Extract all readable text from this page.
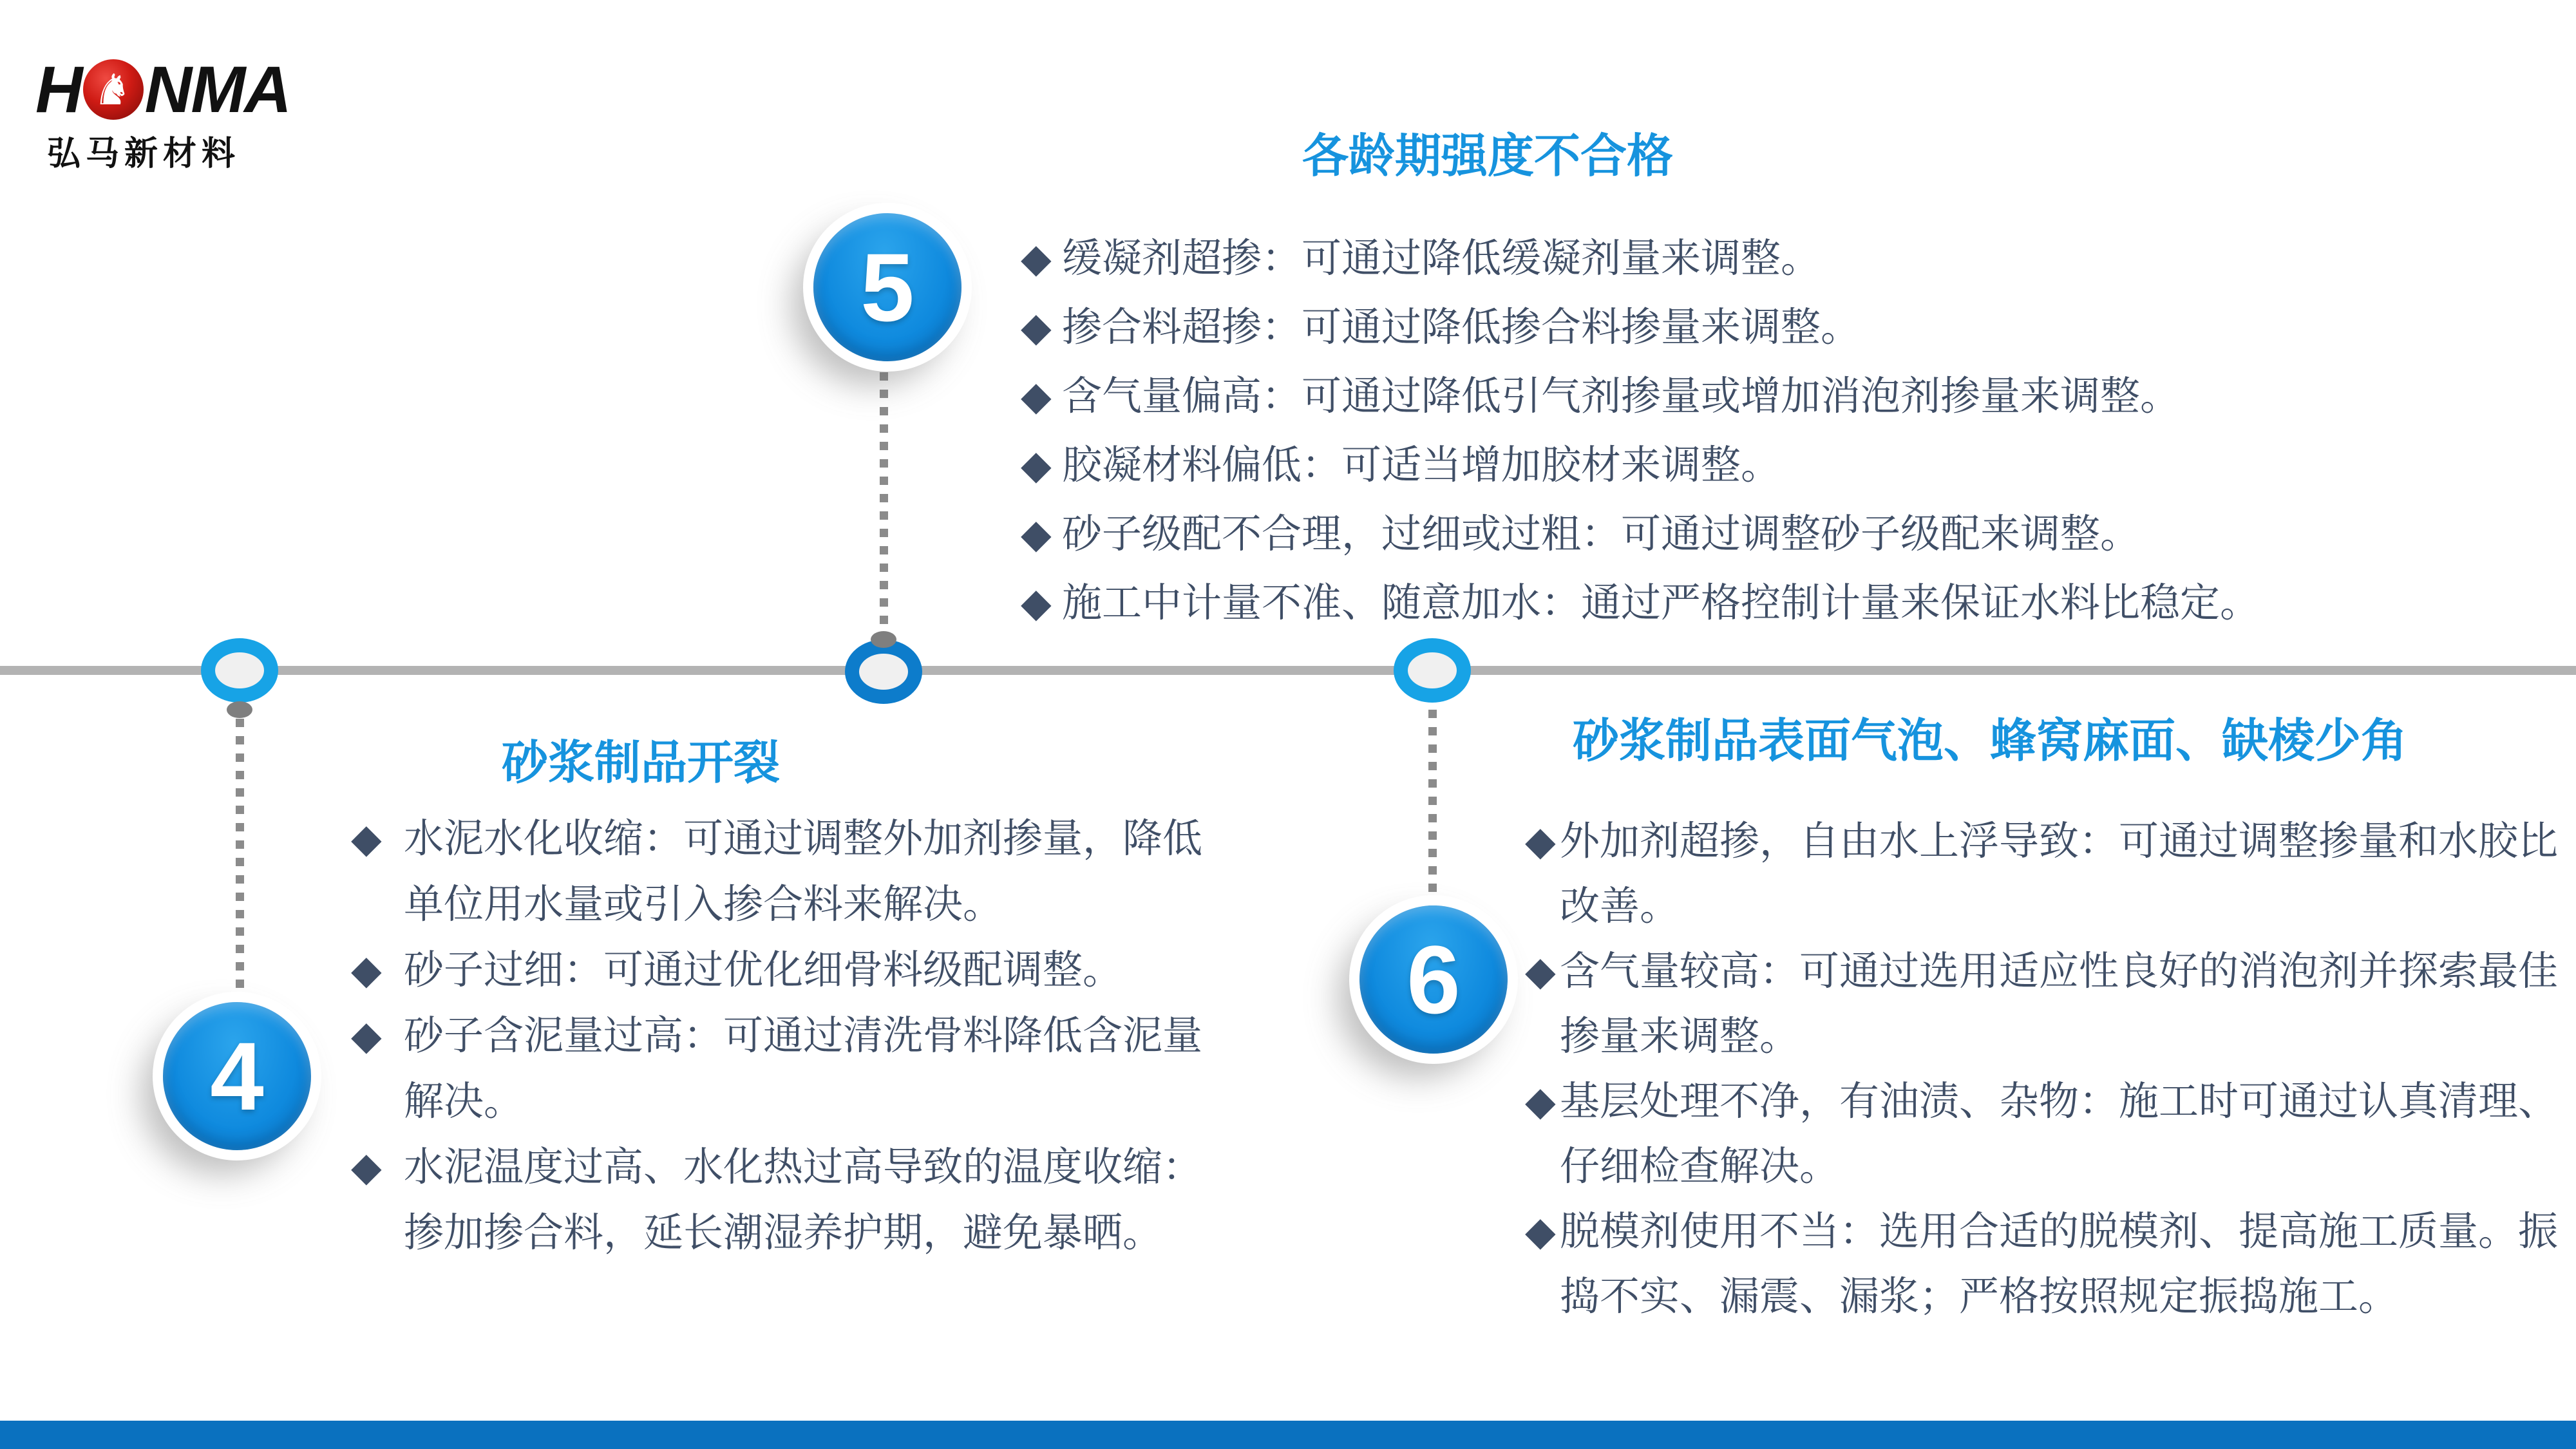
H ♞ NMA
弘马新材料
5
4
6
各龄期强度不合格
砂浆制品开裂	砂浆制品表面气泡、蜂窝麻面、缺棱少角
◆ 缓凝剂超掺：可通过降低缓凝剂量来调整。
◆ 掺合料超掺：可通过降低掺合料掺量来调整。
◆ 含气量偏高：可通过降低引气剂掺量或增加消泡剂掺量来调整。
◆ 胶凝材料偏低：可适当增加胶材来调整。
◆ 砂子级配不合理，过细或过粗：可通过调整砂子级配来调整。
◆ 施工中计量不准、随意加水：通过严格控制计量来保证水料比稳定。
◆ 水泥水化收缩：可通过调整外加剂掺量，降低单位用水量或引入掺合料来解决。
◆ 砂子过细：可通过优化细骨料级配调整。
◆ 砂子含泥量过高：可通过清洗骨料降低含泥量解决。
◆ 水泥温度过高、水化热过高导致的温度收缩：掺加掺合料，延长潮湿养护期，避免暴晒。
◆ 外加剂超掺，自由水上浮导致：可通过调整掺量和水胶比改善。
◆ 含气量较高：可通过选用适应性良好的消泡剂并探索最佳掺量来调整。
◆ 基层处理不净，有油渍、杂物：施工时可通过认真清理、仔细检查解决。
◆ 脱模剂使用不当：选用合适的脱模剂、提高施工质量。振捣不实、漏震、漏浆；严格按照规定振捣施工。
